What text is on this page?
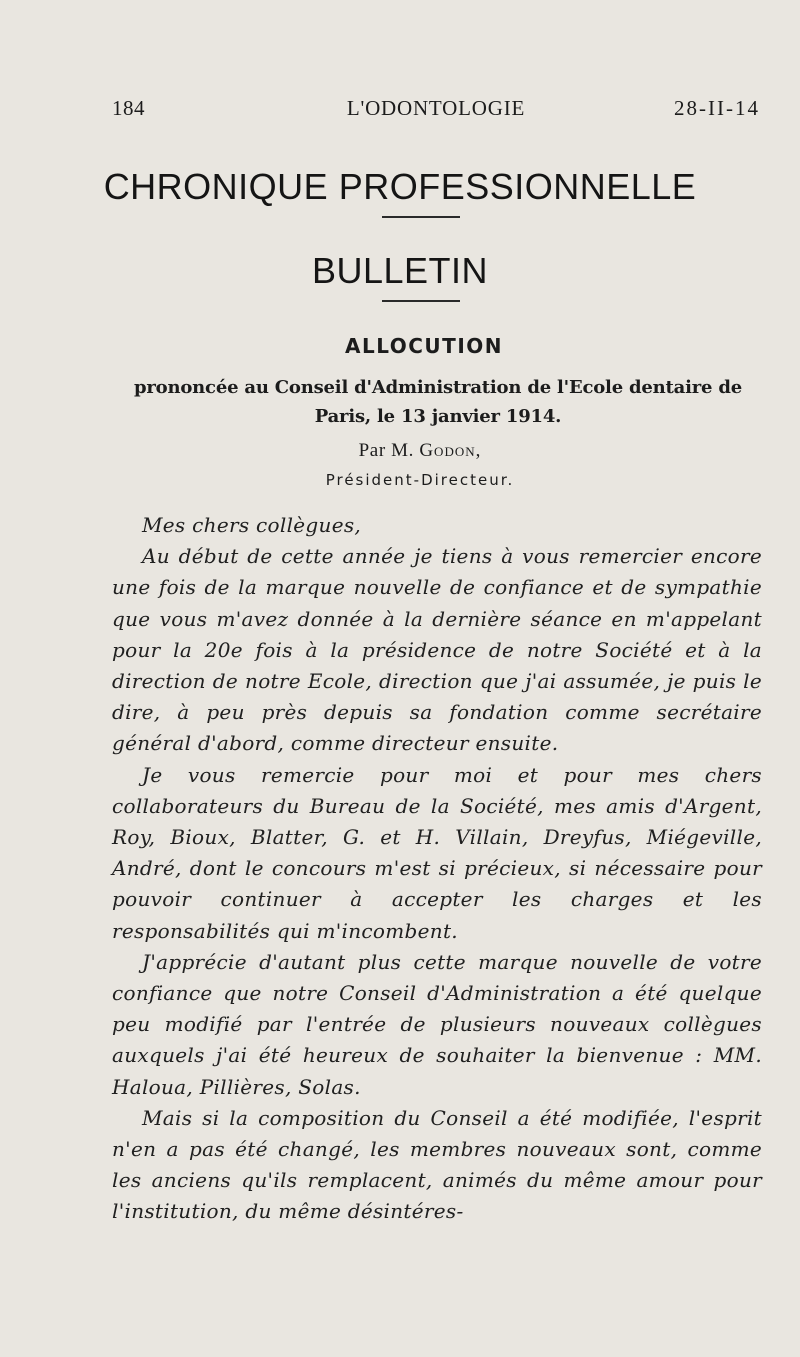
184	L'ODONTOLOGIE	28-II-14
CHRONIQUE PROFESSIONNELLE
BULLETIN
ALLOCUTION
prononcée au Conseil d'Administration de l'Ecole dentaire de Paris, le 13 janvier 1914.
Par M. Godon,
Président-Directeur.

Mes chers collègues,

Au début de cette année je tiens à vous remercier encore une fois de la marque nouvelle de confiance et de sympathie que vous m'avez donnée à la dernière séance en m'appelant pour la 20e fois à la présidence de notre Société et à la direction de notre Ecole, direction que j'ai assumée, je puis le dire, à peu près depuis sa fondation comme secrétaire général d'abord, comme directeur ensuite.

Je vous remercie pour moi et pour mes chers collaborateurs du Bureau de la Société, mes amis d'Argent, Roy, Bioux, Blatter, G. et H. Villain, Dreyfus, Miégeville, André, dont le concours m'est si précieux, si nécessaire pour pouvoir continuer à accepter les charges et les responsabilités qui m'incombent.

J'apprécie d'autant plus cette marque nouvelle de votre confiance que notre Conseil d'Administration a été quelque peu modifié par l'entrée de plusieurs nouveaux collègues auxquels j'ai été heureux de souhaiter la bienvenue : MM. Haloua, Pillières, Solas.

Mais si la composition du Conseil a été modifiée, l'esprit n'en a pas été changé, les membres nouveaux sont, comme les anciens qu'ils remplacent, animés du même amour pour l'institution, du même désintéres-
